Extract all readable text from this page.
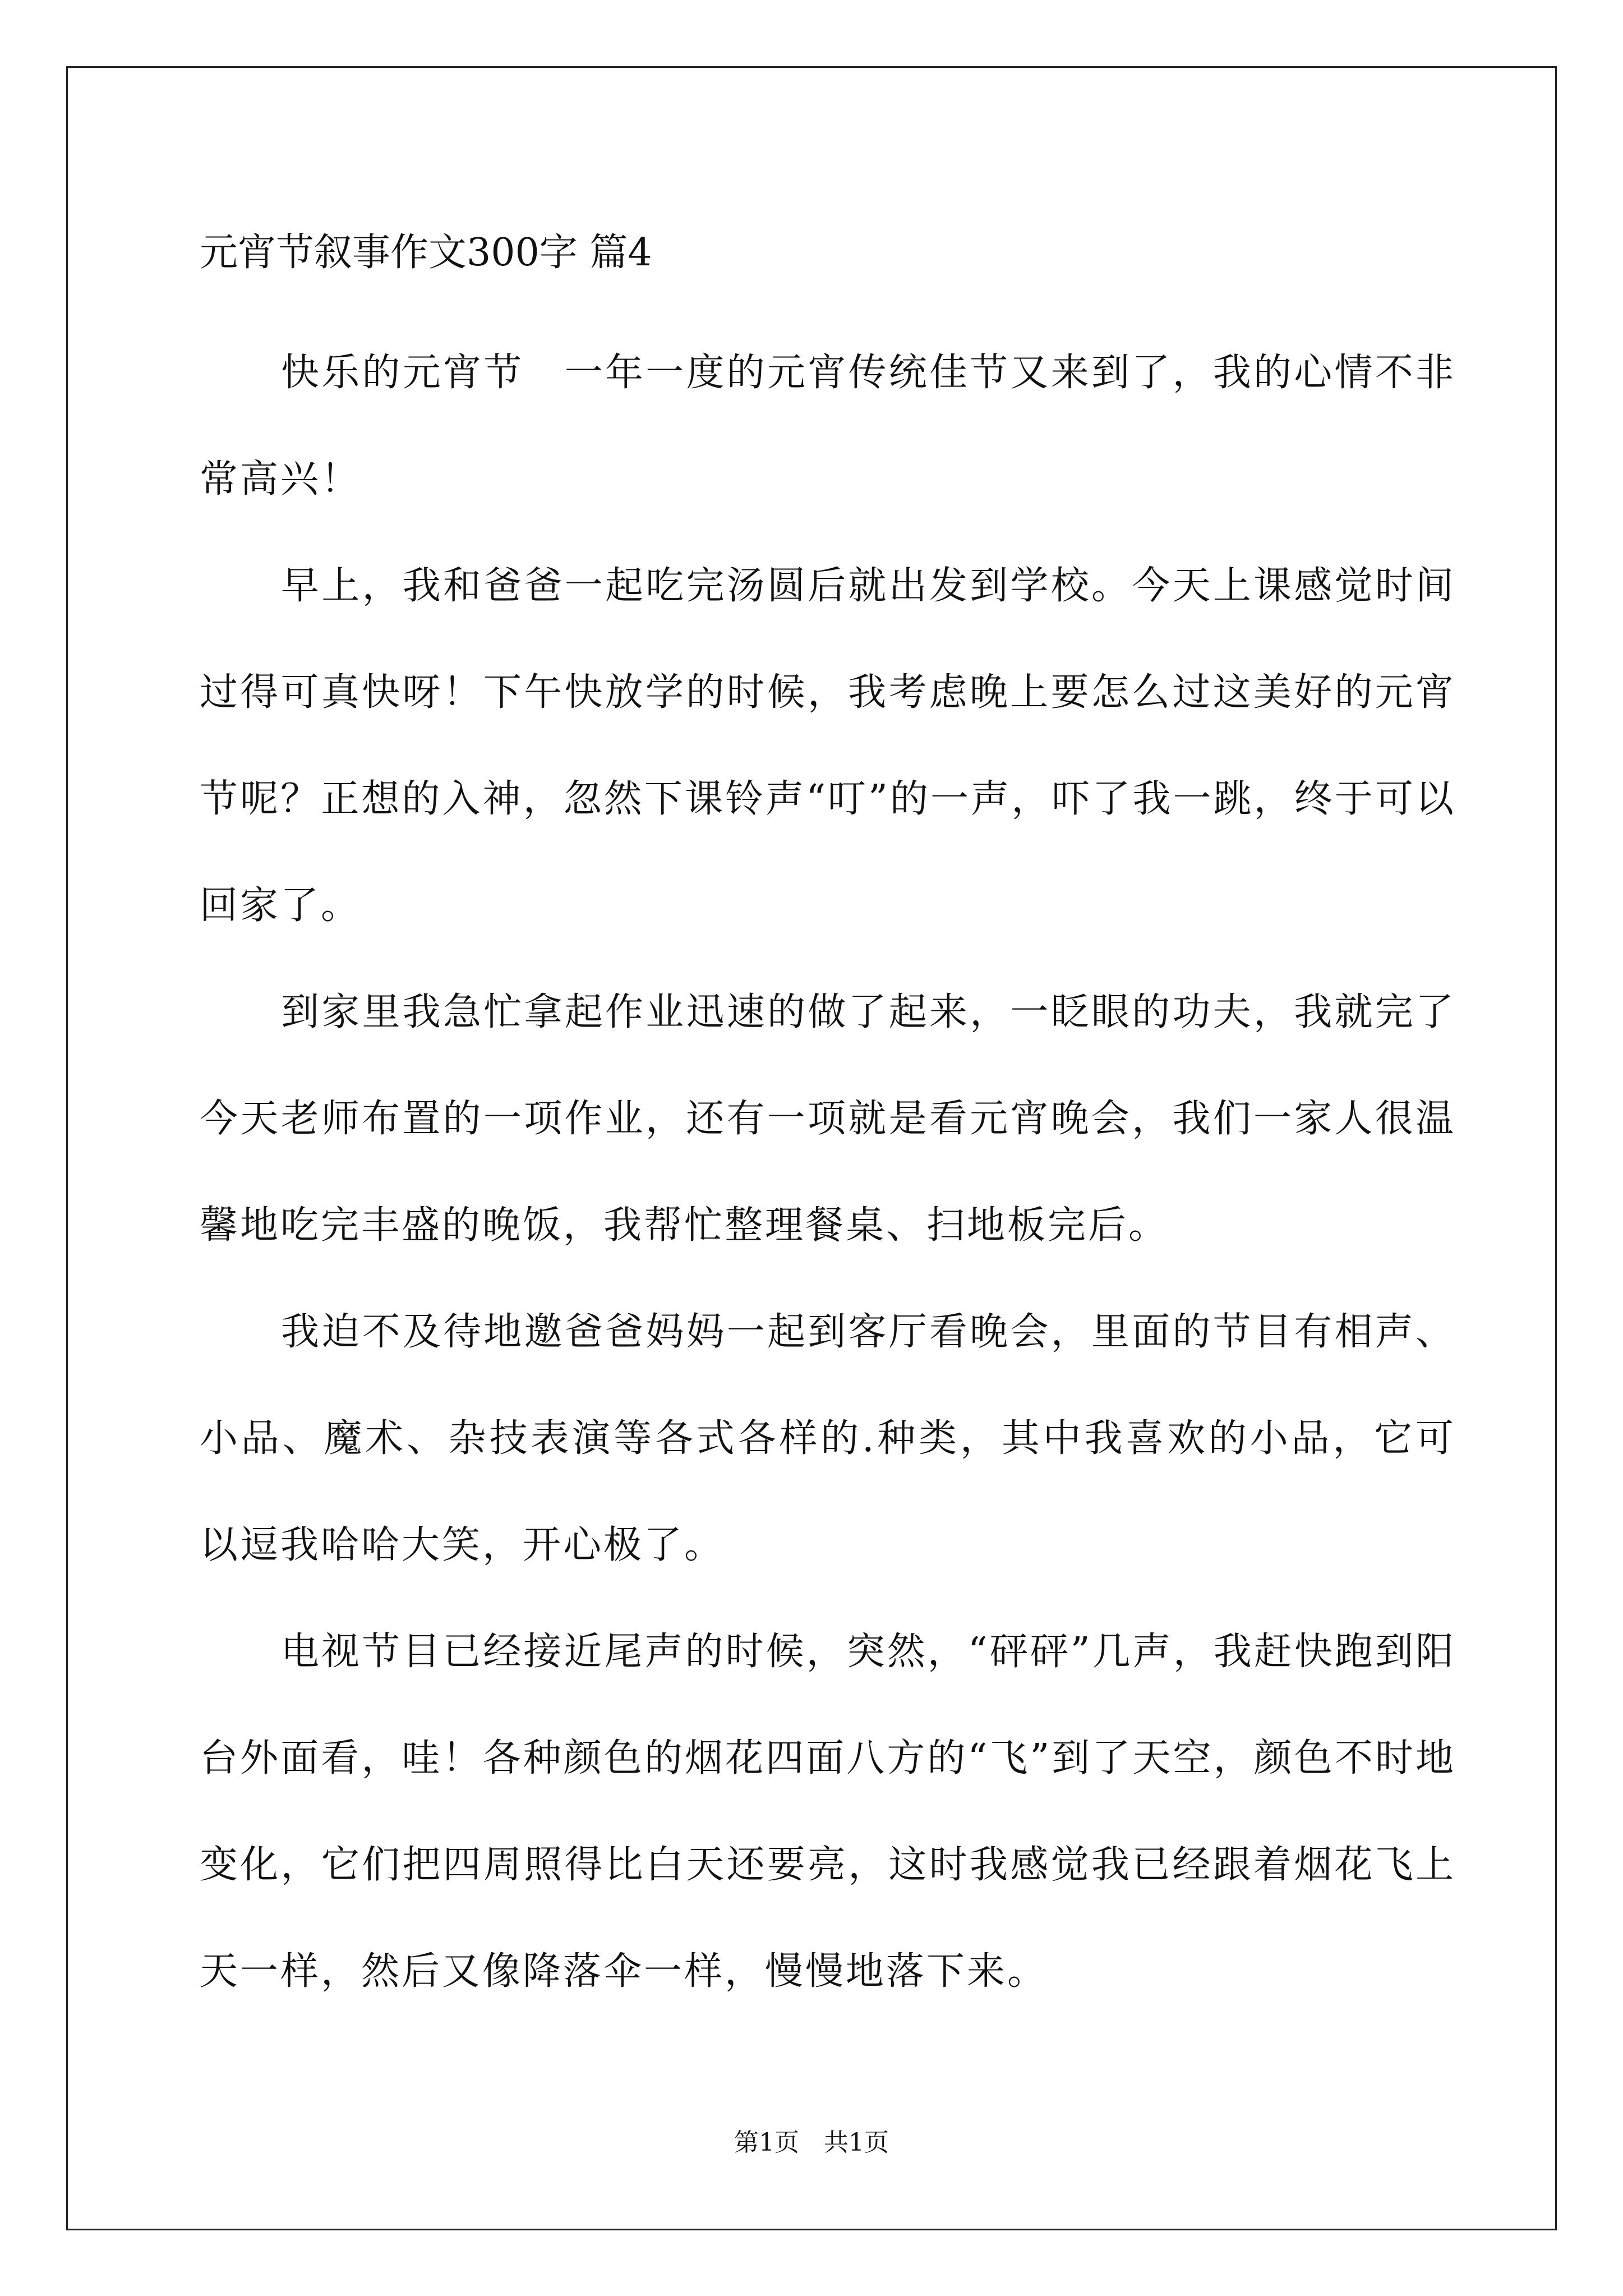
元宵节叙事作文300字 篇4

快乐的元宵节　一年一度的元宵传统佳节又来到了，我的心情不非常高兴！

早上，我和爸爸一起吃完汤圆后就出发到学校。今天上课感觉时间过得可真快呀！下午快放学的时候，我考虑晚上要怎么过这美好的元宵节呢？正想的入神，忽然下课铃声“叮”的一声，吓了我一跳，终于可以回家了。

到家里我急忙拿起作业迅速的做了起来，一眨眼的功夫，我就完了今天老师布置的一项作业，还有一项就是看元宵晚会，我们一家人很温馨地吃完丰盛的晚饭，我帮忙整理餐桌、扫地板完后。

我迫不及待地邀爸爸妈妈一起到客厅看晚会，里面的节目有相声、小品、魔术、杂技表演等各式各样的.种类，其中我喜欢的小品，它可以逗我哈哈大笑，开心极了。

电视节目已经接近尾声的时候，突然，“砰砰”几声，我赶快跑到阳台外面看，哇！各种颜色的烟花四面八方的“飞”到了天空，颜色不时地变化，它们把四周照得比白天还要亮，这时我感觉我已经跟着烟花飞上天一样，然后又像降落伞一样，慢慢地落下来。

第1页　共1页
